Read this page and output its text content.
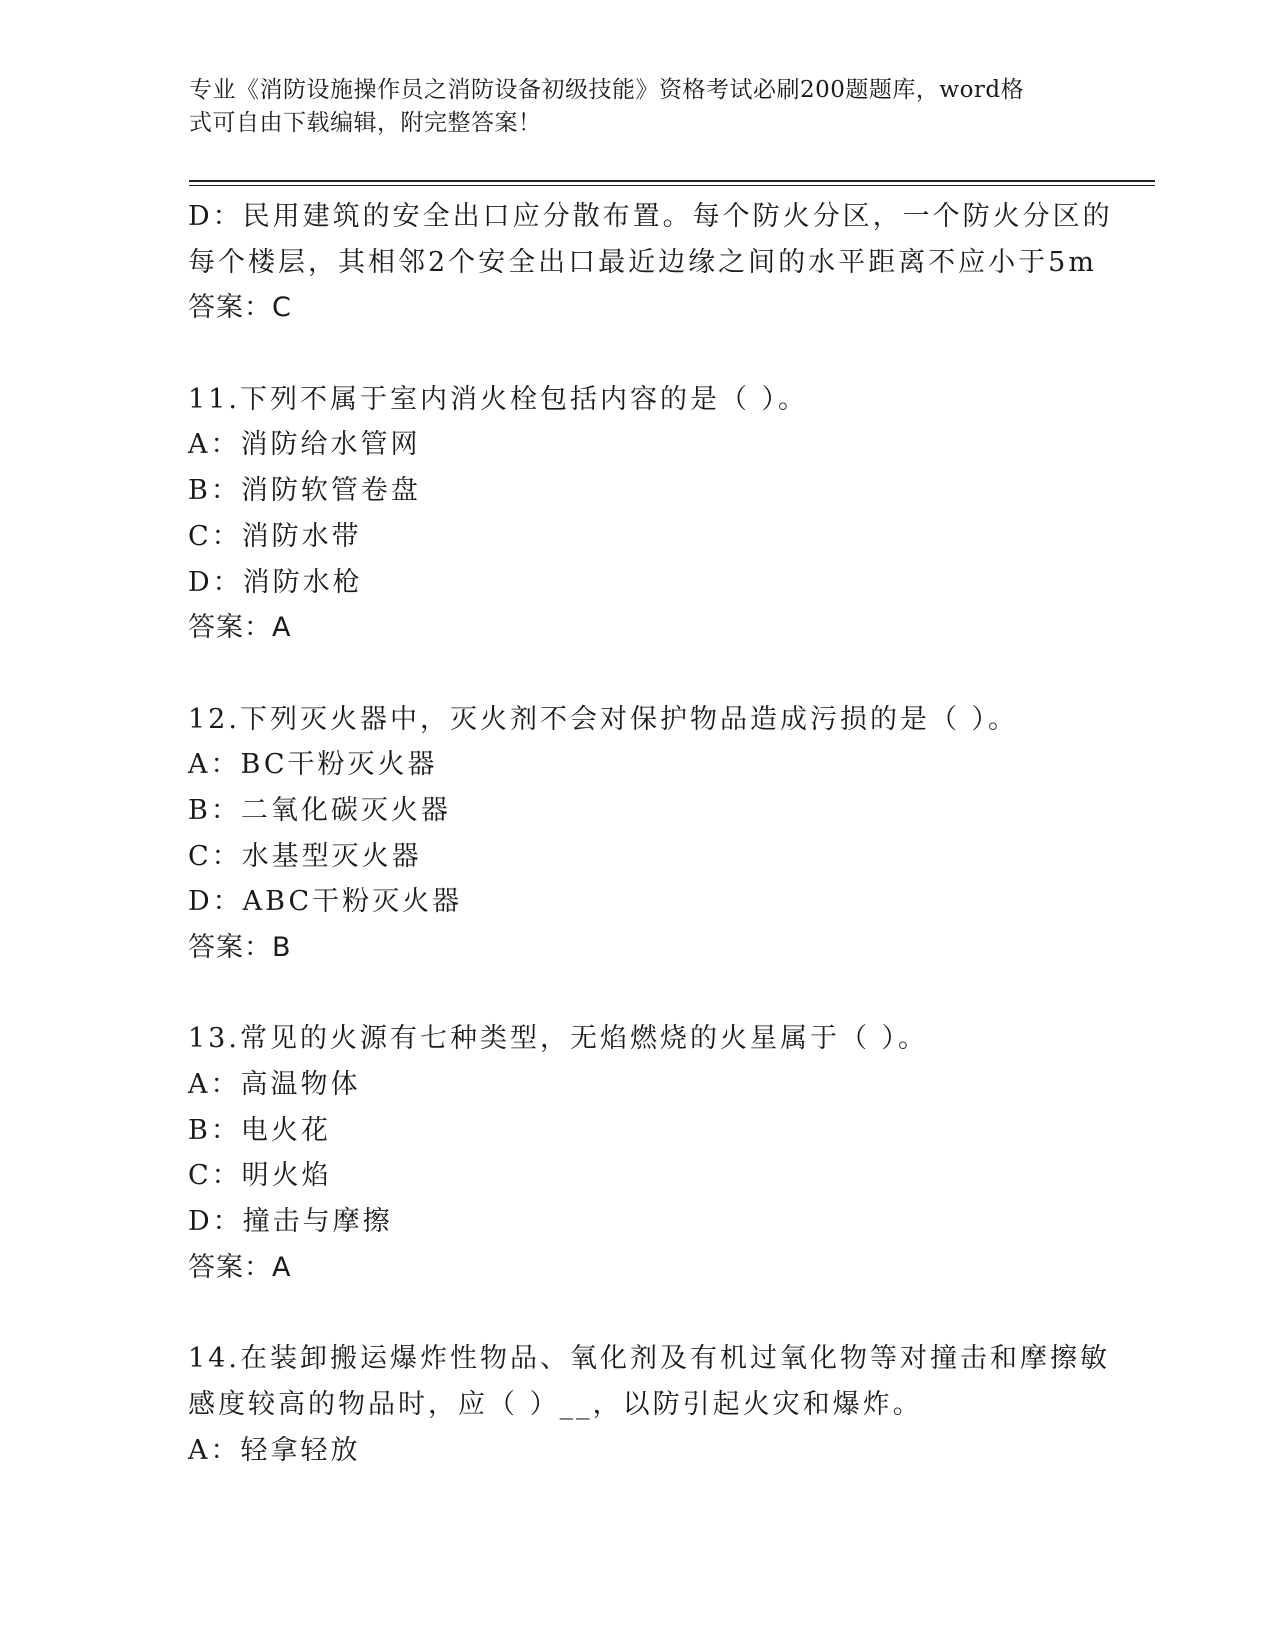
专业《消防设施操作员之消防设备初级技能》资格考试必刷200题题库，word格
式可自由下载编辑，附完整答案！
D：民用建筑的安全出口应分散布置。每个防火分区，一个防火分区的
每个楼层，其相邻2个安全出口最近边缘之间的水平距离不应小于5m
答案：C
11.下列不属于室内消火栓包括内容的是（ ）。
A：消防给水管网
B：消防软管卷盘
C：消防水带
D：消防水枪
答案：A
12.下列灭火器中，灭火剂不会对保护物品造成污损的是（ ）。
A：BC干粉灭火器
B：二氧化碳灭火器
C：水基型灭火器
D：ABC干粉灭火器
答案：B
13.常见的火源有七种类型，无焰燃烧的火星属于（ ）。
A：高温物体
B：电火花
C：明火焰
D：撞击与摩擦
答案：A
14.在装卸搬运爆炸性物品、氧化剂及有机过氧化物等对撞击和摩擦敏
感度较高的物品时，应（ ）__，以防引起火灾和爆炸。
A：轻拿轻放
